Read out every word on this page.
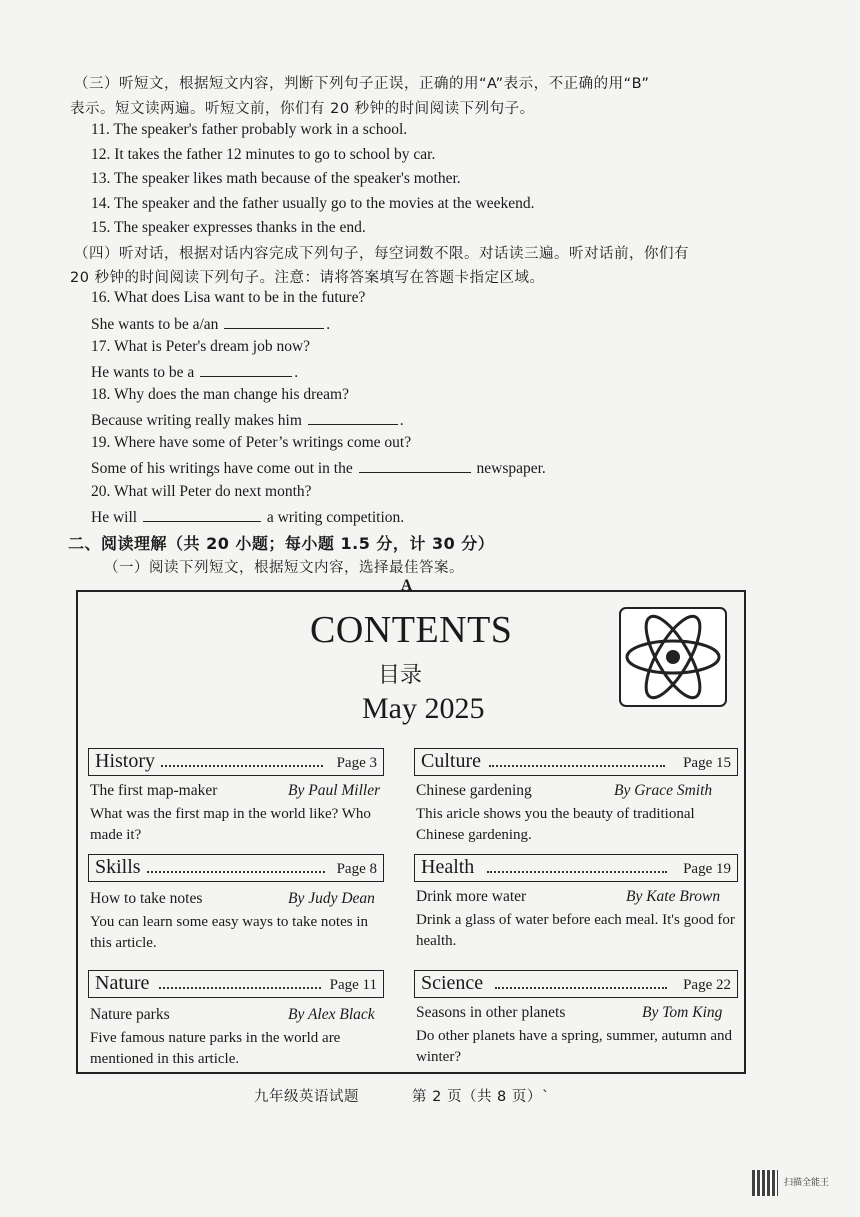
（三）听短文，根据短文内容，判断下列句子正误，正确的用“A”表示，不正确的用“B”
表示。短文读两遍。听短文前，你们有 20 秒钟的时间阅读下列句子。
11. The speaker's father probably work in a school.
12. It takes the father 12 minutes to go to school by car.
13. The speaker likes math because of the speaker's mother.
14. The speaker and the father usually go to the movies at the weekend.
15. The speaker expresses thanks in the end.
（四）听对话，根据对话内容完成下列句子，每空词数不限。对话读三遍。听对话前，你们有
20 秒钟的时间阅读下列句子。注意：请将答案填写在答题卡指定区域。
16. What does Lisa want to be in the future?
She wants to be a/an	.
17. What is Peter's dream job now?
He wants to be a	.
18. Why does the man change his dream?
Because writing really makes him	.
19. Where have some of Peter’s writings come out?
Some of his writings have come out in the	newspaper.
20. What will Peter do next month?
He will	a writing competition.
二、阅读理解（共 20 小题；每小题 1.5 分，计 30 分）
（一）阅读下列短文，根据短文内容，选择最佳答案。
A
CONTENTS
目录
May 2025
History	Page 3
The first map-maker	By Paul Miller
What was the first map in the world like? Who made it?
Culture	Page 15
Chinese gardening	By Grace Smith
This aricle shows you the beauty of traditional Chinese gardening.
Skills	Page 8
How to take notes	By Judy Dean
You can learn some easy ways to take notes in this article.
Health	Page 19
Drink more water	By Kate Brown
Drink a glass of water before each meal. It's good for health.
Nature	Page 11
Nature parks	By Alex Black
Five famous nature parks in the world are mentioned in this article.
Science	Page 22
Seasons in other planets	By Tom King
Do other planets have a spring, summer, autumn and winter?
九年级英语试题	第 2 页（共 8 页）`
扫描全能王
